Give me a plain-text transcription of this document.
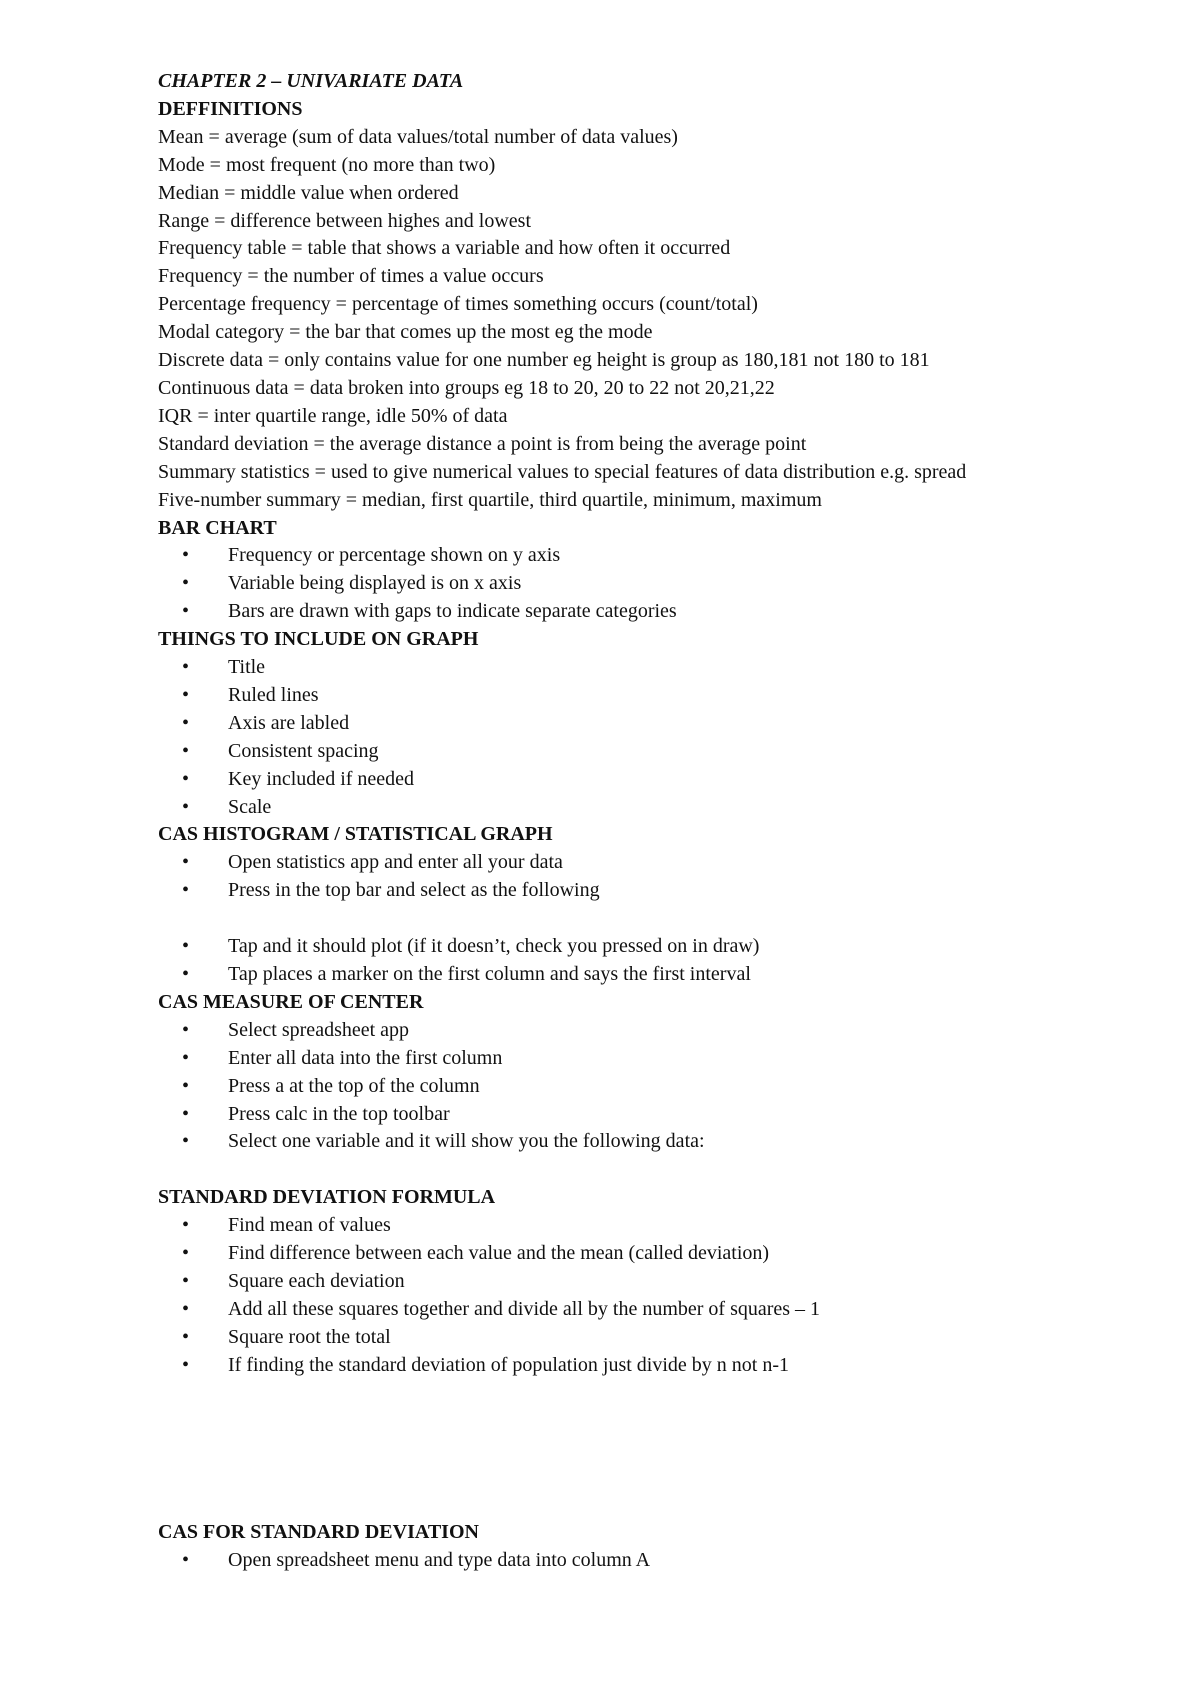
CHAPTER 2 – UNIVARIATE DATA

DEFFINITIONS

Mean = average (sum of data values/total number of data values)

Mode = most frequent (no more than two)

Median = middle value when ordered

Range = difference between highes and lowest

Frequency table = table that shows a variable and how often it occurred

Frequency = the number of times a value occurs

Percentage frequency = percentage of times something occurs (count/total)

Modal category = the bar that comes up the most eg the mode

Discrete data = only contains value for one number eg height is group as 180,181 not 180 to 181

Continuous data = data broken into groups eg 18 to 20, 20 to 22 not 20,21,22

IQR = inter quartile range, idle 50% of data

Standard deviation = the average distance a point is from being the average point

Summary statistics = used to give numerical values to special features of data distribution e.g. spread

Five-number summary = median, first quartile, third quartile, minimum, maximum

BAR CHART

• Frequency or percentage shown on y axis
• Variable being displayed is on x axis
• Bars are drawn with gaps to indicate separate categories

THINGS TO INCLUDE ON GRAPH

• Title
• Ruled lines
• Axis are labled
• Consistent spacing
• Key included if needed
• Scale

CAS HISTOGRAM / STATISTICAL GRAPH

• Open statistics app and enter all your data
• Press in the top bar and select as the following
• Tap and it should plot (if it doesn’t, check you pressed on in draw)
• Tap places a marker on the first column and says the first interval

CAS MEASURE OF CENTER

• Select spreadsheet app
• Enter all data into the first column
• Press a at the top of the column
• Press calc in the top toolbar
• Select one variable and it will show you the following data:

STANDARD DEVIATION FORMULA

• Find mean of values
• Find difference between each value and the mean (called deviation)
• Square each deviation
• Add all these squares together and divide all by the number of squares – 1
• Square root the total
• If finding the standard deviation of population just divide by n not n-1

CAS FOR STANDARD DEVIATION

• Open spreadsheet menu and type data into column A
